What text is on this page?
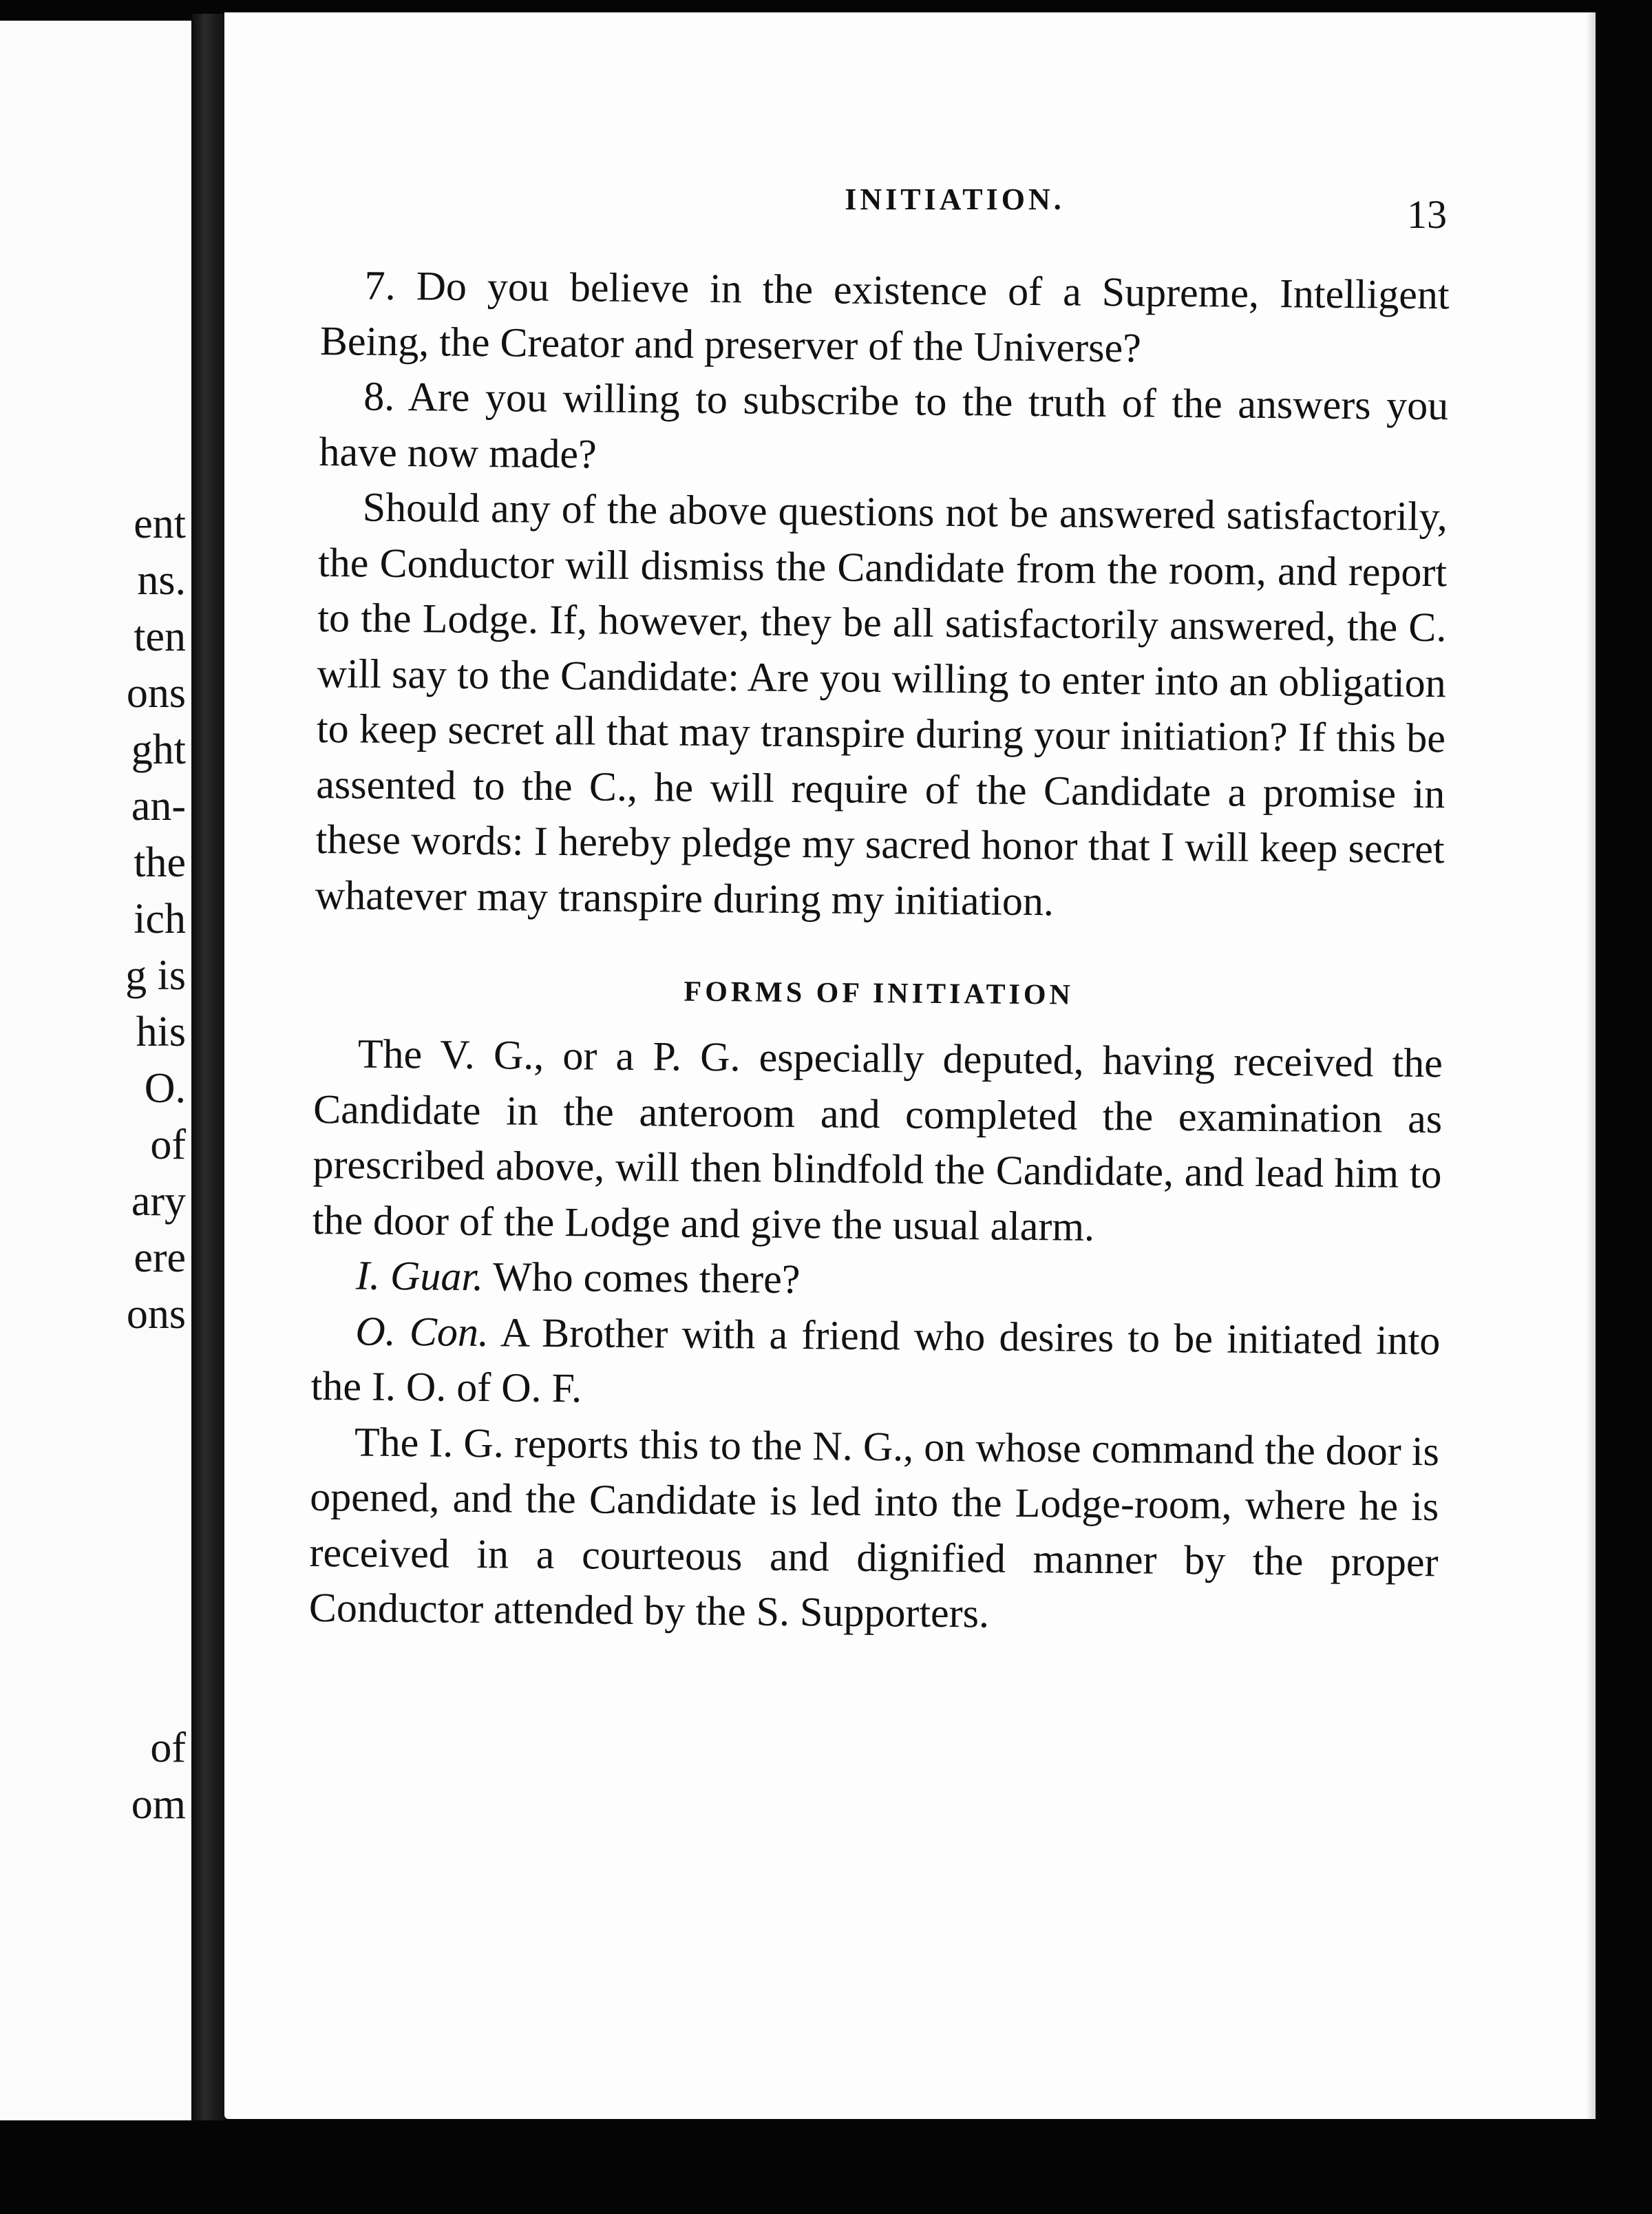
ent
ns.
ten
ons
ght
an-
the
ich
g is
his
O.
of
ary
ere
ons
of
om
INITIATION.	13

7. Do you believe in the existence of a Supreme, Intelligent Being, the Creator and preserver of the Universe?

8. Are you willing to subscribe to the truth of the answers you have now made?

Should any of the above questions not be answered satisfactorily, the Conductor will dismiss the Candidate from the room, and report to the Lodge. If, however, they be all satisfactorily answered, the C. will say to the Candidate: Are you willing to enter into an obligation to keep secret all that may transpire during your initiation? If this be assented to the C., he will require of the Candidate a promise in these words: I hereby pledge my sacred honor that I will keep secret whatever may transpire during my initiation.

FORMS OF INITIATION

The V. G., or a P. G. especially deputed, having received the Candidate in the anteroom and completed the examination as prescribed above, will then blindfold the Candidate, and lead him to the door of the Lodge and give the usual alarm.

I. Guar. Who comes there?

O. Con. A Brother with a friend who desires to be initiated into the I. O. of O. F.

The I. G. reports this to the N. G., on whose command the door is opened, and the Candidate is led into the Lodge-room, where he is received in a courteous and dignified manner by the proper Conductor attended by the S. Supporters.
